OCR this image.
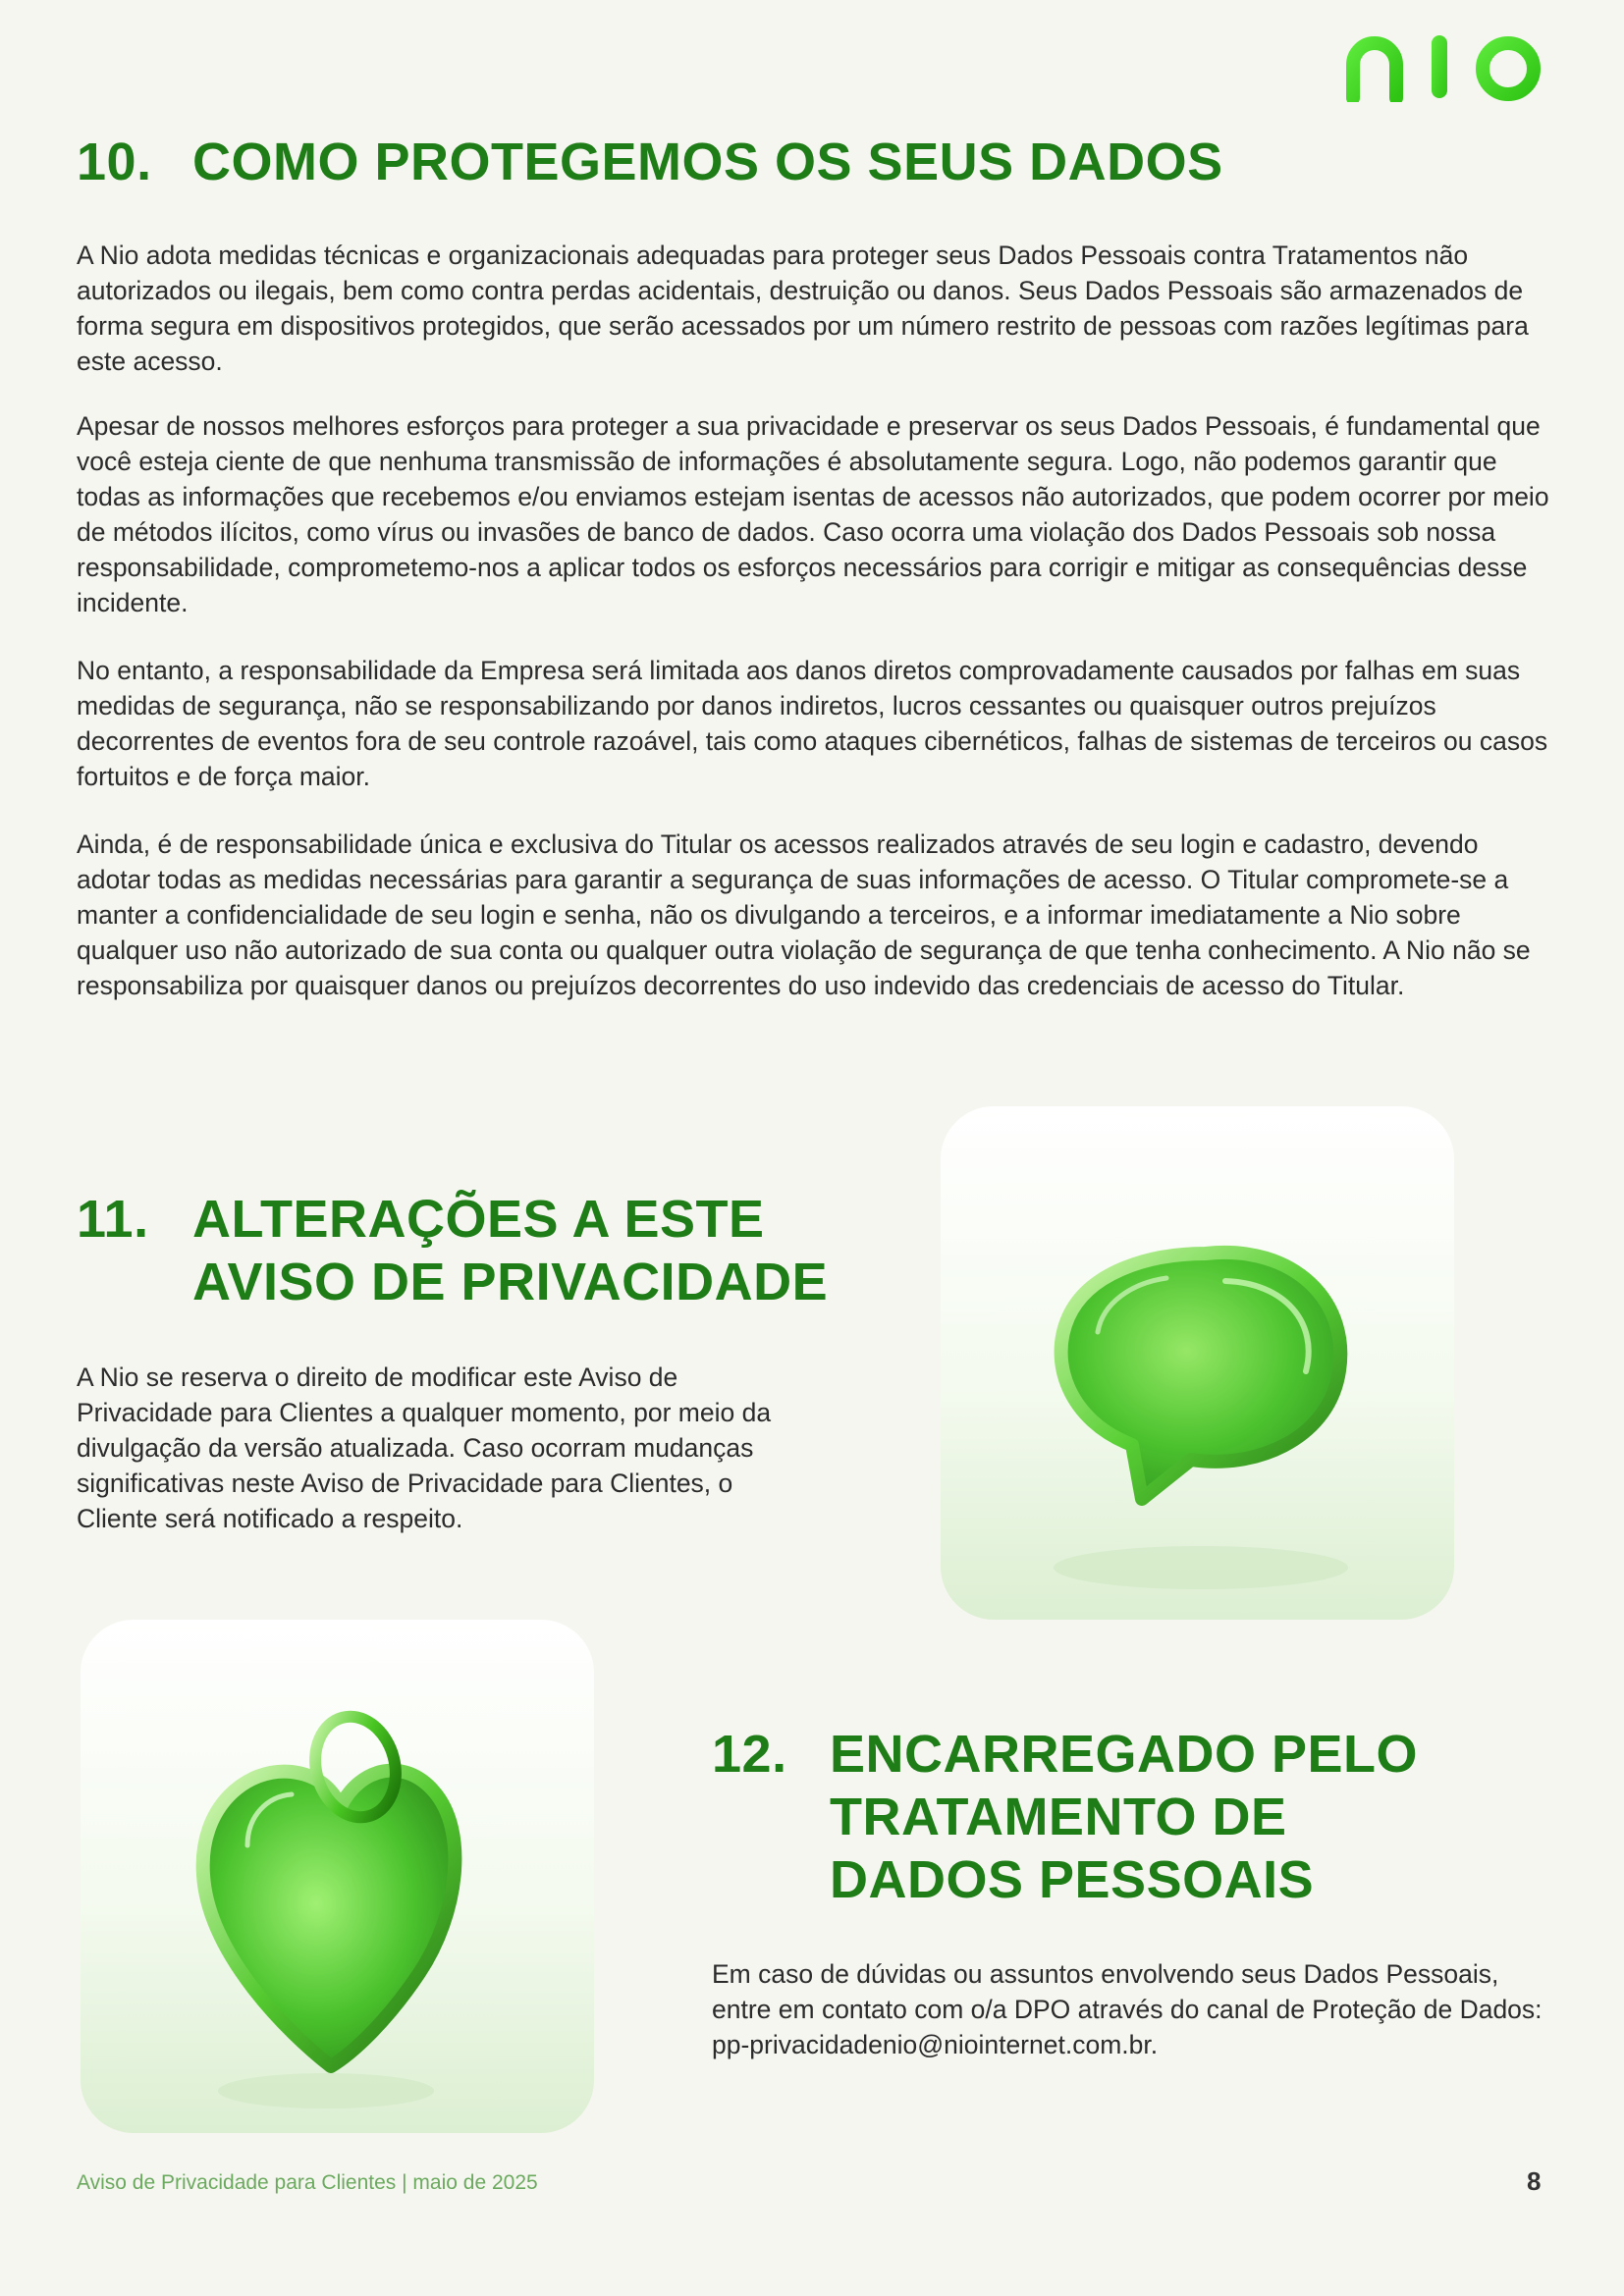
10. COMO PROTEGEMOS OS SEUS DADOS

A Nio adota medidas técnicas e organizacionais adequadas para proteger seus Dados Pessoais contra Tratamentos não autorizados ou ilegais, bem como contra perdas acidentais, destruição ou danos. Seus Dados Pessoais são armazenados de forma segura em dispositivos protegidos, que serão acessados por um número restrito de pessoas com razões legítimas para este acesso.

Apesar de nossos melhores esforços para proteger a sua privacidade e preservar os seus Dados Pessoais, é fundamental que você esteja ciente de que nenhuma transmissão de informações é absolutamente segura. Logo, não podemos garantir que todas as informações que recebemos e/ou enviamos estejam isentas de acessos não autorizados, que podem ocorrer por meio de métodos ilícitos, como vírus ou invasões de banco de dados. Caso ocorra uma violação dos Dados Pessoais sob nossa responsabilidade, comprometemo-nos a aplicar todos os esforços necessários para corrigir e mitigar as consequências desse incidente.

No entanto, a responsabilidade da Empresa será limitada aos danos diretos comprovadamente causados por falhas em suas medidas de segurança, não se responsabilizando por danos indiretos, lucros cessantes ou quaisquer outros prejuízos decorrentes de eventos fora de seu controle razoável, tais como ataques cibernéticos, falhas de sistemas de terceiros ou casos fortuitos e de força maior.

Ainda, é de responsabilidade única e exclusiva do Titular os acessos realizados através de seu login e cadastro, devendo adotar todas as medidas necessárias para garantir a segurança de suas informações de acesso. O Titular compromete-se a manter a confidencialidade de seu login e senha, não os divulgando a terceiros, e a informar imediatamente a Nio sobre qualquer uso não autorizado de sua conta ou qualquer outra violação de segurança de que tenha conhecimento. A Nio não se responsabiliza por quaisquer danos ou prejuízos decorrentes do uso indevido das credenciais de acesso do Titular.

11. ALTERAÇÕES A ESTE AVISO DE PRIVACIDADE

A Nio se reserva o direito de modificar este Aviso de Privacidade para Clientes a qualquer momento, por meio da divulgação da versão atualizada. Caso ocorram mudanças significativas neste Aviso de Privacidade para Clientes, o Cliente será notificado a respeito.

12. ENCARREGADO PELO TRATAMENTO DE DADOS PESSOAIS

Em caso de dúvidas ou assuntos envolvendo seus Dados Pessoais, entre em contato com o/a DPO através do canal de Proteção de Dados: pp-privacidadenio@niointernet.com.br.

Aviso de Privacidade para Clientes | maio de 2025	8
